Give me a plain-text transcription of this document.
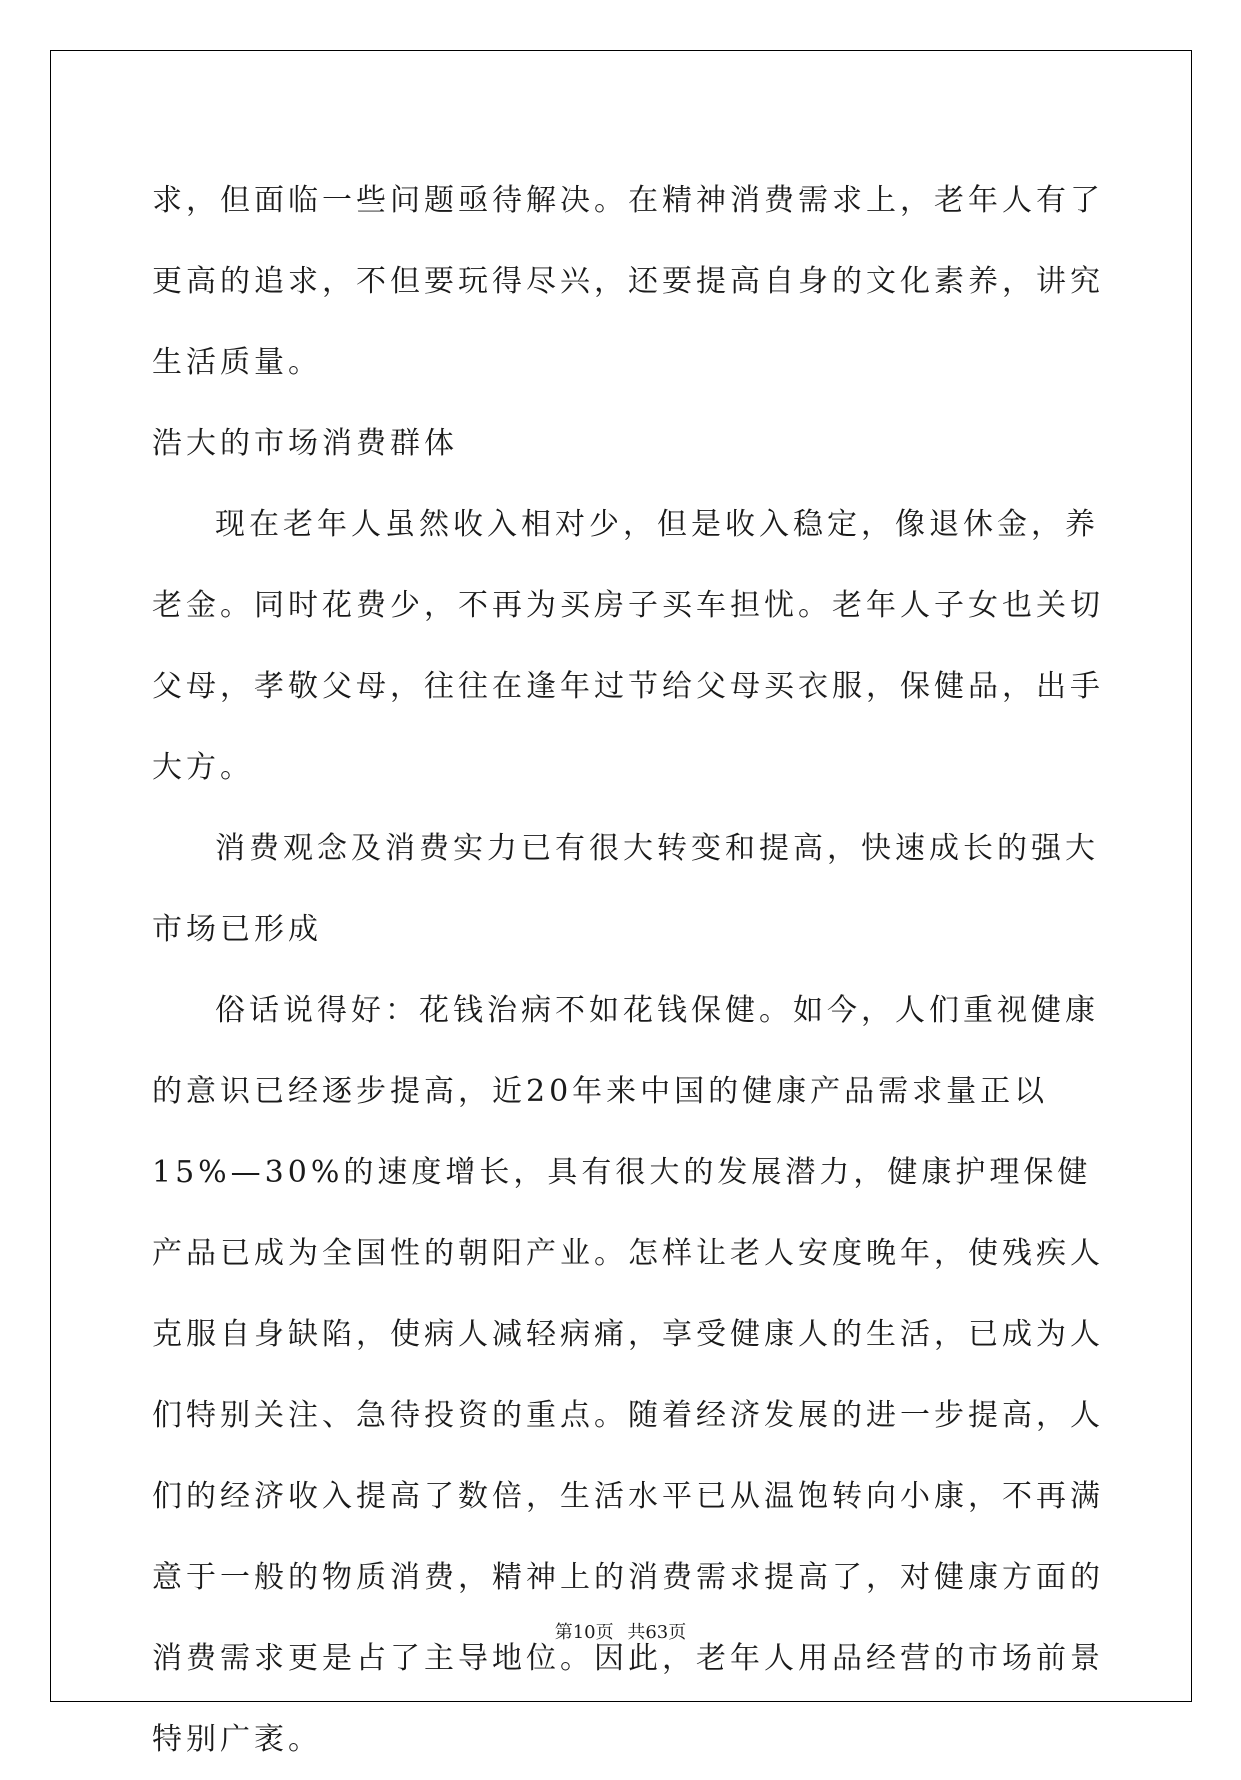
求，但面临一些问题亟待解决。在精神消费需求上，老年人有了更高的追求，不但要玩得尽兴，还要提高自身的文化素养，讲究生活质量。

浩大的市场消费群体

现在老年人虽然收入相对少，但是收入稳定，像退休金，养老金。同时花费少，不再为买房子买车担忧。老年人子女也关切父母，孝敬父母，往往在逢年过节给父母买衣服，保健品，出手大方。

消费观念及消费实力已有很大转变和提高，快速成长的强大市场已形成

俗话说得好：花钱治病不如花钱保健。如今，人们重视健康的意识已经逐步提高，近20年来中国的健康产品需求量正以15%—30%的速度增长，具有很大的发展潜力，健康护理保健产品已成为全国性的朝阳产业。怎样让老人安度晚年，使残疾人克服自身缺陷，使病人减轻病痛，享受健康人的生活，已成为人们特别关注、急待投资的重点。随着经济发展的进一步提高，人们的经济收入提高了数倍，生活水平已从温饱转向小康，不再满意于一般的物质消费，精神上的消费需求提高了，对健康方面的消费需求更是占了主导地位。因此，老年人用品经营的市场前景特别广袤。

第10页 共63页
